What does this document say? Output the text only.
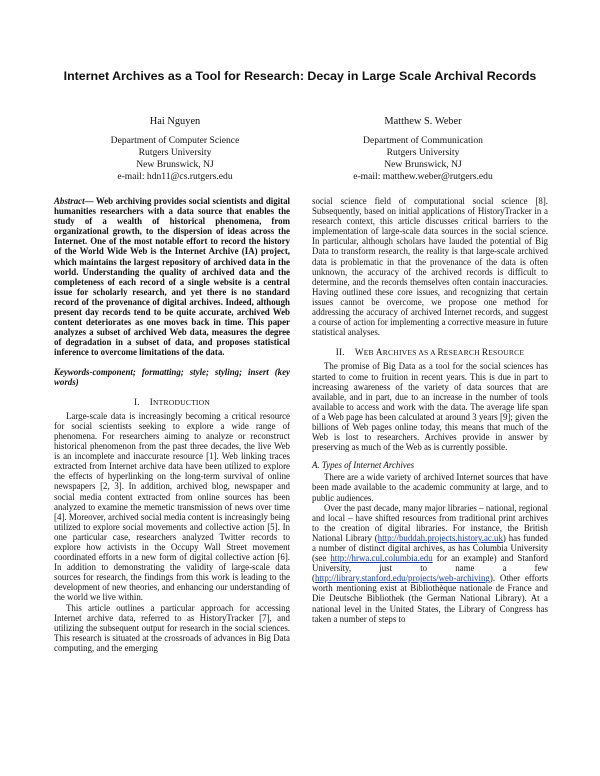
Internet Archives as a Tool for Research: Decay in Large Scale Archival Records
Hai Nguyen
Department of Computer Science
Rutgers University
New Brunswick, NJ
e-mail: hdn11@cs.rutgers.edu
Matthew S. Weber
Department of Communication
Rutgers University
New Brunswick, NJ
e-mail: matthew.weber@rutgers.edu

Abstract— Web archiving provides social scientists and digital humanities researchers with a data source that enables the study of a wealth of historical phenomena, from organizational growth, to the dispersion of ideas across the Internet. One of the most notable effort to record the history of the World Wide Web is the Internet Archive (IA) project, which maintains the largest repository of archived data in the world. Understanding the quality of archived data and the completeness of each record of a single website is a central issue for scholarly research, and yet there is no standard record of the provenance of digital archives. Indeed, although present day records tend to be quite accurate, archived Web content deteriorates as one moves back in time. This paper analyzes a subset of archived Web data, measures the degree of degradation in a subset of data, and proposes statistical inference to overcome limitations of the data.

Keywords-component; formatting; style; styling; insert (key words)

I. INTRODUCTION

Large-scale data is increasingly becoming a critical resource for social scientists seeking to explore a wide range of phenomena. For researchers aiming to analyze or reconstruct historical phenomenon from the past three decades, the live Web is an incomplete and inaccurate resource [1]. Web linking traces extracted from Internet archive data have been utilized to explore the effects of hyperlinking on the long-term survival of online newspapers [2, 3]. In addition, archived blog, newspaper and social media content extracted from online sources has been analyzed to examine the memetic transmission of news over time [4]. Moreover, archived social media content is increasingly being utilized to explore social movements and collective action [5]. In one particular case, researchers analyzed Twitter records to explore how activists in the Occupy Wall Street movement coordinated efforts in a new form of digital collective action [6]. In addition to demonstrating the validity of large-scale data sources for research, the findings from this work is leading to the development of new theories, and enhancing our understanding of the world we live within.

This article outlines a particular approach for accessing Internet archive data, referred to as HistoryTracker [7], and utilizing the subsequent output for research in the social sciences. This research is situated at the crossroads of advances in Big Data computing, and the emerging

social science field of computational social science [8]. Subsequently, based on initial applications of HistoryTracker in a research context, this article discusses critical barriers to the implementation of large-scale data sources in the social science. In particular, although scholars have lauded the potential of Big Data to transform research, the reality is that large-scale archived data is problematic in that the provenance of the data is often unknown, the accuracy of the archived records is difficult to determine, and the records themselves often contain inaccuracies. Having outlined these core issues, and recognizing that certain issues cannot be overcome, we propose one method for addressing the accuracy of archived Internet records, and suggest a course of action for implementing a corrective measure in future statistical analyses.

II. WEB ARCHIVES AS A RESEARCH RESOURCE

The promise of Big Data as a tool for the social sciences has started to come to fruition in recent years. This is due in part to increasing awareness of the variety of data sources that are available, and in part, due to an increase in the number of tools available to access and work with the data. The average life span of a Web page has been calculated at around 3 years [9]; given the billions of Web pages online today, this means that much of the Web is lost to researchers. Archives provide in answer by preserving as much of the Web as is currently possible.

A. Types of Internet Archives

There are a wide variety of archived Internet sources that have been made available to the academic community at large, and to public audiences.

Over the past decade, many major libraries – national, regional and local – have shifted resources from traditional print archives to the creation of digital libraries. For instance, the British National Library (http://buddah.projects.history.ac.uk) has funded a number of distinct digital archives, as has Columbia University (see http://hrwa.cul.columbia.edu for an example) and Stanford University, just to name a few (http://library.stanford.edu/projects/web-archiving). Other efforts worth mentioning exist at Bibliothèque nationale de France and Die Deutsche Bibliothek (the German National Library). At a national level in the United States, the Library of Congress has taken a number of steps to
